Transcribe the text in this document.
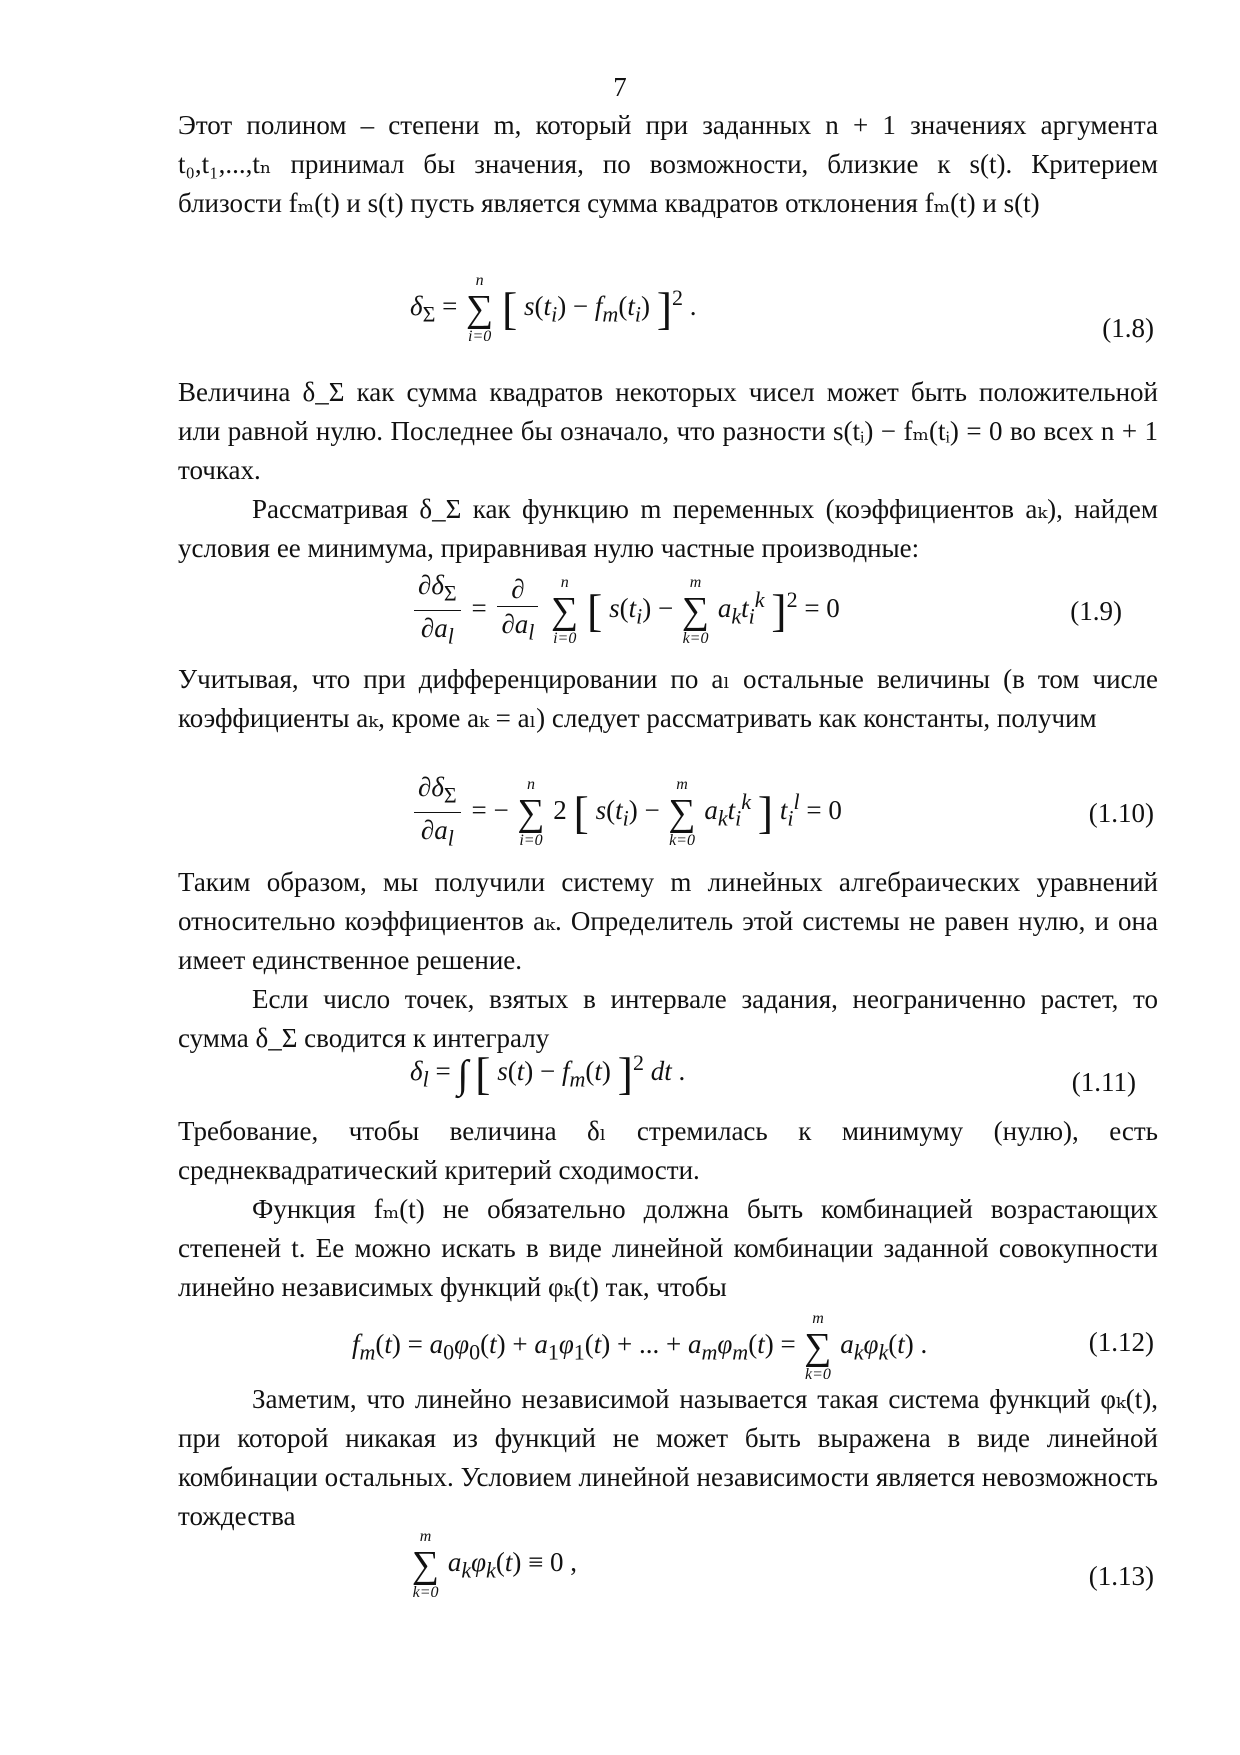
7
Этот полином – степени m, который при заданных n + 1 значениях аргумента t₀,t₁,...,tₙ принимал бы значения, по возможности, близкие к s(t). Критерием близости fₘ(t) и s(t) пусть является сумма квадратов отклонения fₘ(t) и s(t)
$\delta_\Sigma$ =
n
∑
i=0
[ $s(t_i) - f_m(t_i)$ ]$^2$ .
(1.8)
Величина δ_Σ как сумма квадратов некоторых чисел может быть положительной или равной нулю. Последнее бы означало, что разности s(tᵢ) − fₘ(tᵢ) = 0 во всех n + 1 точках.
Рассматривая δ_Σ как функцию m переменных (коэффициентов aₖ), найдем условия ее минимума, приравнивая нулю частные производные:
$\frac{\partial\delta_\Sigma}{\partial a_l} = \frac{\partial}{\partial a_l}$
	n
∑
i=0
[ $s(t_i)$ −
m
∑
k=0
$a_kt_i^k$ ]$^2$ = 0	(1.9)
Учитывая, что при дифференцировании по aₗ остальные величины (в том числе коэффициенты aₖ, кроме aₖ = aₗ) следует рассматривать как константы, получим
$\frac{\partial\delta_\Sigma}{\partial a_l}$ = −
n
∑
i=0
2 [ $s(t_i)$ −
m
∑
k=0
$a_kt_i^k$ ] $t_i^l = 0$	(1.10)
Таким образом, мы получили систему m линейных алгебраических уравнений относительно коэффициентов aₖ. Определитель этой системы не равен нулю, и она имеет единственное решение.
Если число точек, взятых в интервале задания, неограниченно растет, то сумма δ_Σ сводится к интегралу
$\delta_l$ = ∫ [ $s(t) - f_m(t)$ ]$^2$ dt .	(1.11)
Требование, чтобы величина δₗ стремилась к минимуму (нулю), есть среднеквадратический критерий сходимости.
Функция fₘ(t) не обязательно должна быть комбинацией возрастающих степеней t. Ее можно искать в виде линейной комбинации заданной совокупности линейно независимых функций φₖ(t) так, чтобы
$f_m(t) = a_0\varphi_0(t) + a_1\varphi_1(t)$ + ... + $a_m\varphi_m(t)$ =
m
∑
k=0
$a_k\varphi_k(t)$ .	(1.12)
Заметим, что линейно независимой называется такая система функций φₖ(t), при которой никакая из функций не может быть выражена в виде линейной комбинации остальных. Условием линейной независимости является невозможность тождества
m
∑
k=0
$a_k\varphi_k(t) \equiv 0$ ,	(1.13)
